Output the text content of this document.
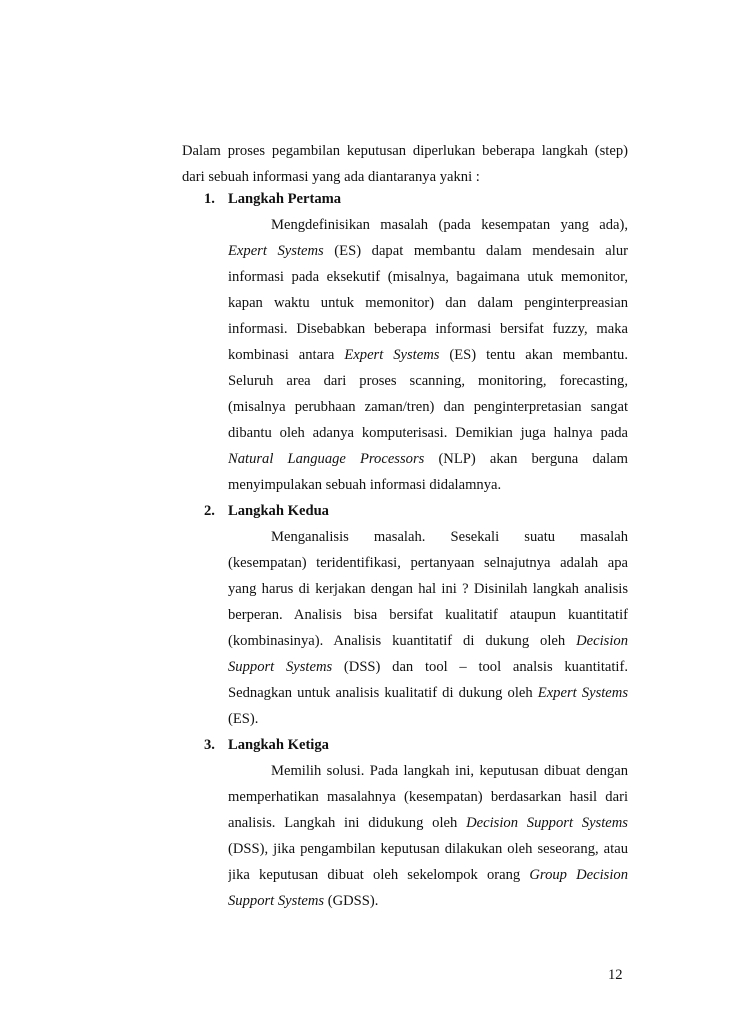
Dalam proses pegambilan keputusan diperlukan beberapa langkah (step)
dari sebuah informasi yang ada diantaranya yakni :
1. Langkah Pertama
Mengdefinisikan masalah (pada kesempatan yang ada),
Expert Systems (ES) dapat membantu dalam mendesain alur
informasi pada eksekutif (misalnya, bagaimana utuk memonitor,
kapan waktu untuk memonitor) dan dalam penginterpreasian
informasi. Disebabkan beberapa informasi bersifat fuzzy, maka
kombinasi antara Expert Systems (ES) tentu akan membantu.
Seluruh area dari proses scanning, monitoring, forecasting,
(misalnya perubhaan zaman/tren) dan penginterpretasian sangat
dibantu oleh adanya komputerisasi. Demikian juga halnya pada
Natural Language Processors (NLP) akan berguna dalam
menyimpulakan sebuah informasi didalamnya.
2. Langkah Kedua
Menganalisis masalah. Sesekali suatu masalah
(kesempatan) teridentifikasi, pertanyaan selnajutnya adalah apa
yang harus di kerjakan dengan hal ini ? Disinilah langkah analisis
berperan. Analisis bisa bersifat kualitatif ataupun kuantitatif
(kombinasinya). Analisis kuantitatif di dukung oleh Decision
Support Systems (DSS) dan tool – tool analsis kuantitatif.
Sednagkan untuk analisis kualitatif di dukung oleh Expert Systems
(ES).
3. Langkah Ketiga
Memilih solusi. Pada langkah ini, keputusan dibuat dengan
memperhatikan masalahnya (kesempatan) berdasarkan hasil dari
analisis. Langkah ini didukung oleh Decision Support Systems
(DSS), jika pengambilan keputusan dilakukan oleh seseorang, atau
jika keputusan dibuat oleh sekelompok orang Group Decision
Support Systems (GDSS).
12
